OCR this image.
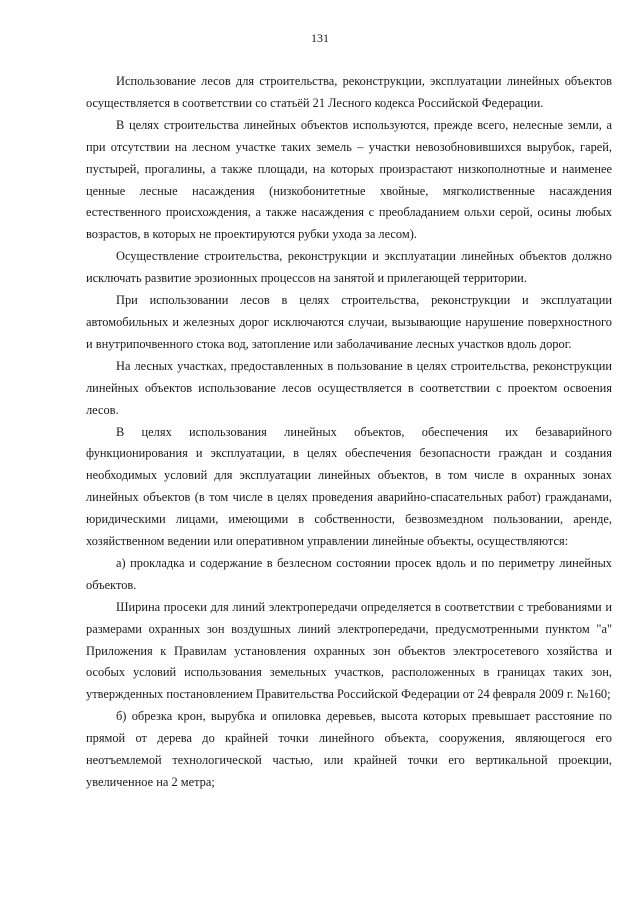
131

Использование лесов для строительства, реконструкции, эксплуатации линейных объектов осуществляется в соответствии со статьёй 21 Лесного кодекса Российской Федерации.

В целях строительства линейных объектов используются, прежде всего, нелесные земли, а при отсутствии на лесном участке таких земель – участки невозобновившихся вырубок, гарей, пустырей, прогалины, а также площади, на которых произрастают низкополнотные и наименее ценные лесные насаждения (низкобонитетные хвойные, мягколиственные насаждения естественного происхождения, а также насаждения с преобладанием ольхи серой, осины любых возрастов, в которых не проектируются рубки ухода за лесом).

Осуществление строительства, реконструкции и эксплуатации линейных объектов должно исключать развитие эрозионных процессов на занятой и прилегающей территории.

При использовании лесов в целях строительства, реконструкции и эксплуатации автомобильных и железных дорог исключаются случаи, вызывающие нарушение поверхностного и внутрипочвенного стока вод, затопление или заболачивание лесных участков вдоль дорог.

На лесных участках, предоставленных в пользование в целях строительства, реконструкции линейных объектов использование лесов осуществляется в соответствии с проектом освоения лесов.

В целях использования линейных объектов, обеспечения их безаварийного функционирования и эксплуатации, в целях обеспечения безопасности граждан и создания необходимых условий для эксплуатации линейных объектов, в том числе в охранных зонах линейных объектов (в том числе в целях проведения аварийно-спасательных работ) гражданами, юридическими лицами, имеющими в собственности, безвозмездном пользовании, аренде, хозяйственном ведении или оперативном управлении линейные объекты, осуществляются:

а) прокладка и содержание в безлесном состоянии просек вдоль и по периметру линейных объектов.

Ширина просеки для линий электропередачи определяется в соответствии с требованиями и размерами охранных зон воздушных линий электропередачи, предусмотренными пунктом "а" Приложения к Правилам установления охранных зон объектов электросетевого хозяйства и особых условий использования земельных участков, расположенных в границах таких зон, утвержденных постановлением Правительства Российской Федерации от 24 февраля 2009 г. №160;

б) обрезка крон, вырубка и опиловка деревьев, высота которых превышает расстояние по прямой от дерева до крайней точки линейного объекта, сооружения, являющегося его неотъемлемой технологической частью, или крайней точки его вертикальной проекции, увеличенное на 2 метра;
